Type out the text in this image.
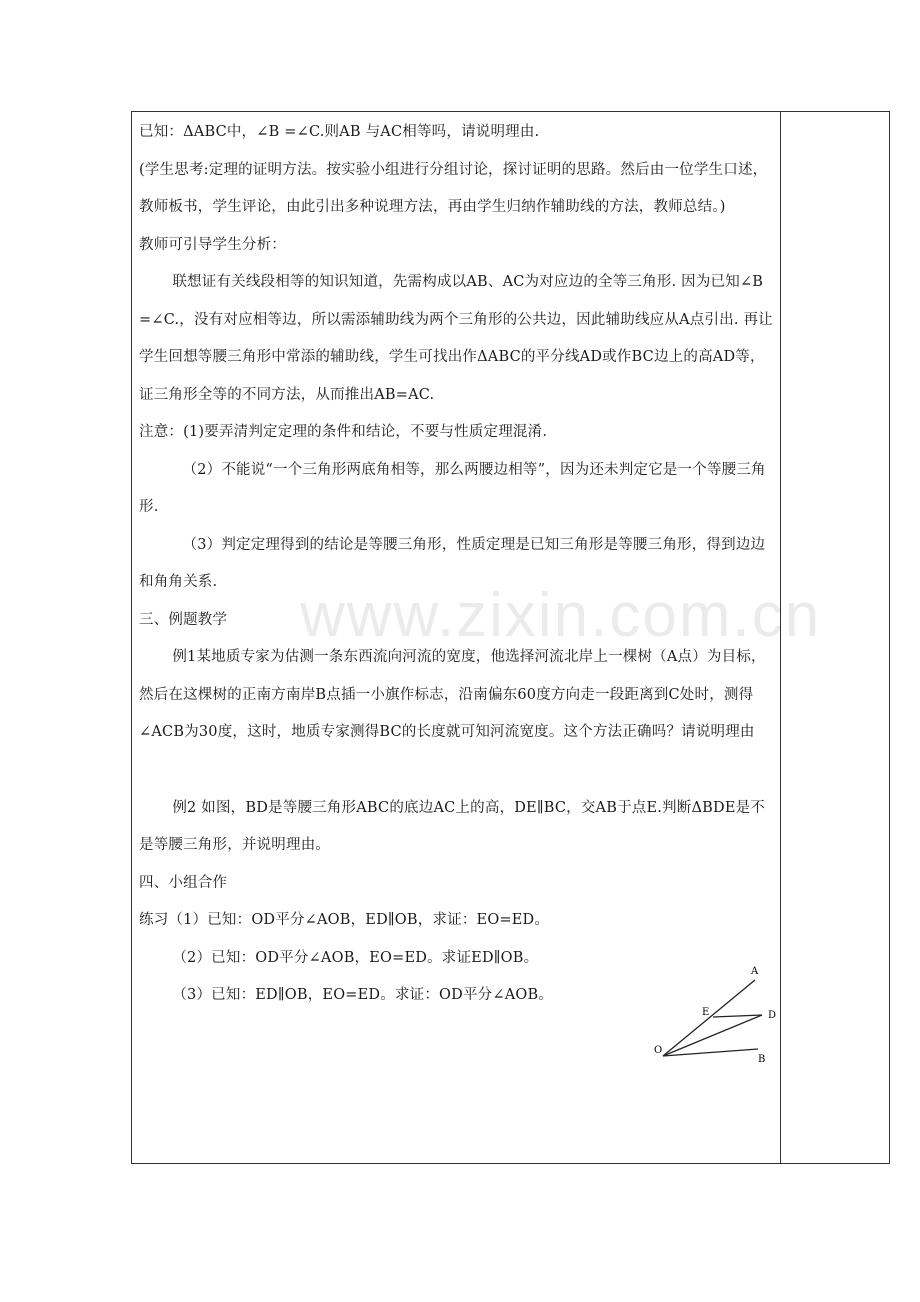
已知：ΔABC中，∠B =∠C.则AB 与AC相等吗，请说明理由.

(学生思考:定理的证明方法。按实验小组进行分组讨论，探讨证明的思路。然后由一位学生口述，教师板书，学生评论，由此引出多种说理方法，再由学生归纳作辅助线的方法，教师总结。)

教师可引导学生分析：

联想证有关线段相等的知识知道，先需构成以AB、AC为对应边的全等三角形. 因为已知∠B =∠C.，没有对应相等边，所以需添辅助线为两个三角形的公共边，因此辅助线应从A点引出. 再让学生回想等腰三角形中常添的辅助线，学生可找出作ΔABC的平分线AD或作BC边上的高AD等，证三角形全等的不同方法，从而推出AB=AC.

注意：(1)要弄清判定定理的条件和结论，不要与性质定理混淆.

（2）不能说“一个三角形两底角相等，那么两腰边相等”，因为还未判定它是一个等腰三角形.

（3）判定定理得到的结论是等腰三角形，性质定理是已知三角形是等腰三角形，得到边边和角角关系.

三、例题教学

例1某地质专家为估测一条东西流向河流的宽度，他选择河流北岸上一棵树（A点）为目标，然后在这棵树的正南方南岸B点插一小旗作标志，沿南偏东60度方向走一段距离到C处时，测得∠ACB为30度，这时，地质专家测得BC的长度就可知河流宽度。这个方法正确吗？请说明理由

例2 如图，BD是等腰三角形ABC的底边AC上的高，DE∥BC，交AB于点E.判断ΔBDE是不是等腰三角形，并说明理由。

四、小组合作

练习（1）已知：OD平分∠AOB，ED∥OB，求证：EO=ED。

（2）已知：OD平分∠AOB，EO=ED。求证ED∥OB。

（3）已知：ED∥OB，EO=ED。求证：OD平分∠AOB。

www.zixin.com.cn
A
E	D
O
B
